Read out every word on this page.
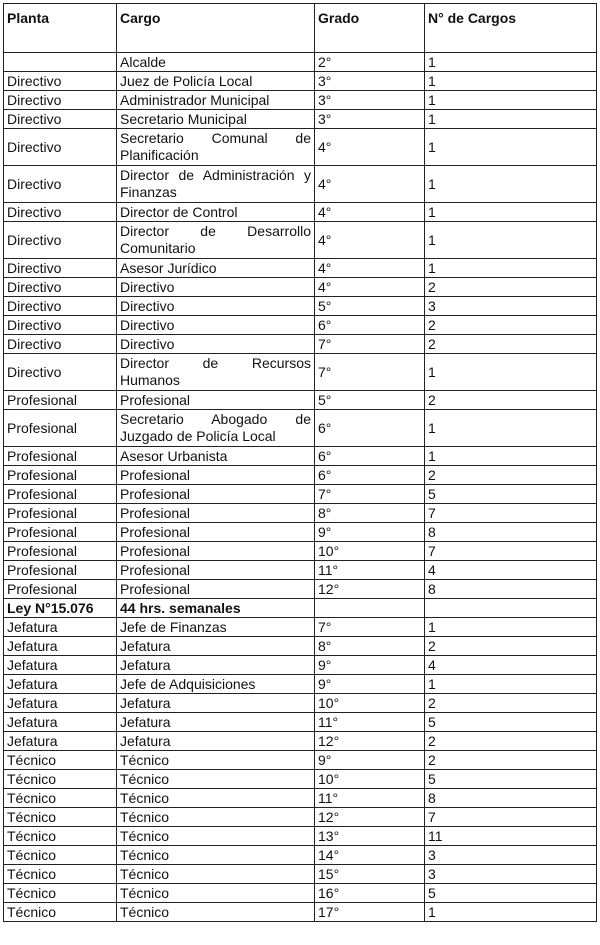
Planta	Cargo	Grado	N° de Cargos
	Alcalde	2°	1
Directivo	Juez de Policía Local	3°	1
Directivo	Administrador Municipal	3°	1
Directivo	Secretario Municipal	3°	1
Directivo	Secretario Comunal de Planificación	4°	1
Directivo	Director de Administración y Finanzas	4°	1
Directivo	Director de Control	4°	1
Directivo	Director de Desarrollo Comunitario	4°	1
Directivo	Asesor Jurídico	4°	1
Directivo	Directivo	4°	2
Directivo	Directivo	5°	3
Directivo	Directivo	6°	2
Directivo	Directivo	7°	2
Directivo	Director de Recursos Humanos	7°	1
Profesional	Profesional	5°	2
Profesional	Secretario Abogado de Juzgado de Policía Local	6°	1
Profesional	Asesor Urbanista	6°	1
Profesional	Profesional	6°	2
Profesional	Profesional	7°	5
Profesional	Profesional	8°	7
Profesional	Profesional	9°	8
Profesional	Profesional	10°	7
Profesional	Profesional	11°	4
Profesional	Profesional	12°	8
Ley N°15.076	44 hrs. semanales		
Jefatura	Jefe de Finanzas	7°	1
Jefatura	Jefatura	8°	2
Jefatura	Jefatura	9°	4
Jefatura	Jefe de Adquisiciones	9°	1
Jefatura	Jefatura	10°	2
Jefatura	Jefatura	11°	5
Jefatura	Jefatura	12°	2
Técnico	Técnico	9°	2
Técnico	Técnico	10°	5
Técnico	Técnico	11°	8
Técnico	Técnico	12°	7
Técnico	Técnico	13°	11
Técnico	Técnico	14°	3
Técnico	Técnico	15°	3
Técnico	Técnico	16°	5
Técnico	Técnico	17°	1
